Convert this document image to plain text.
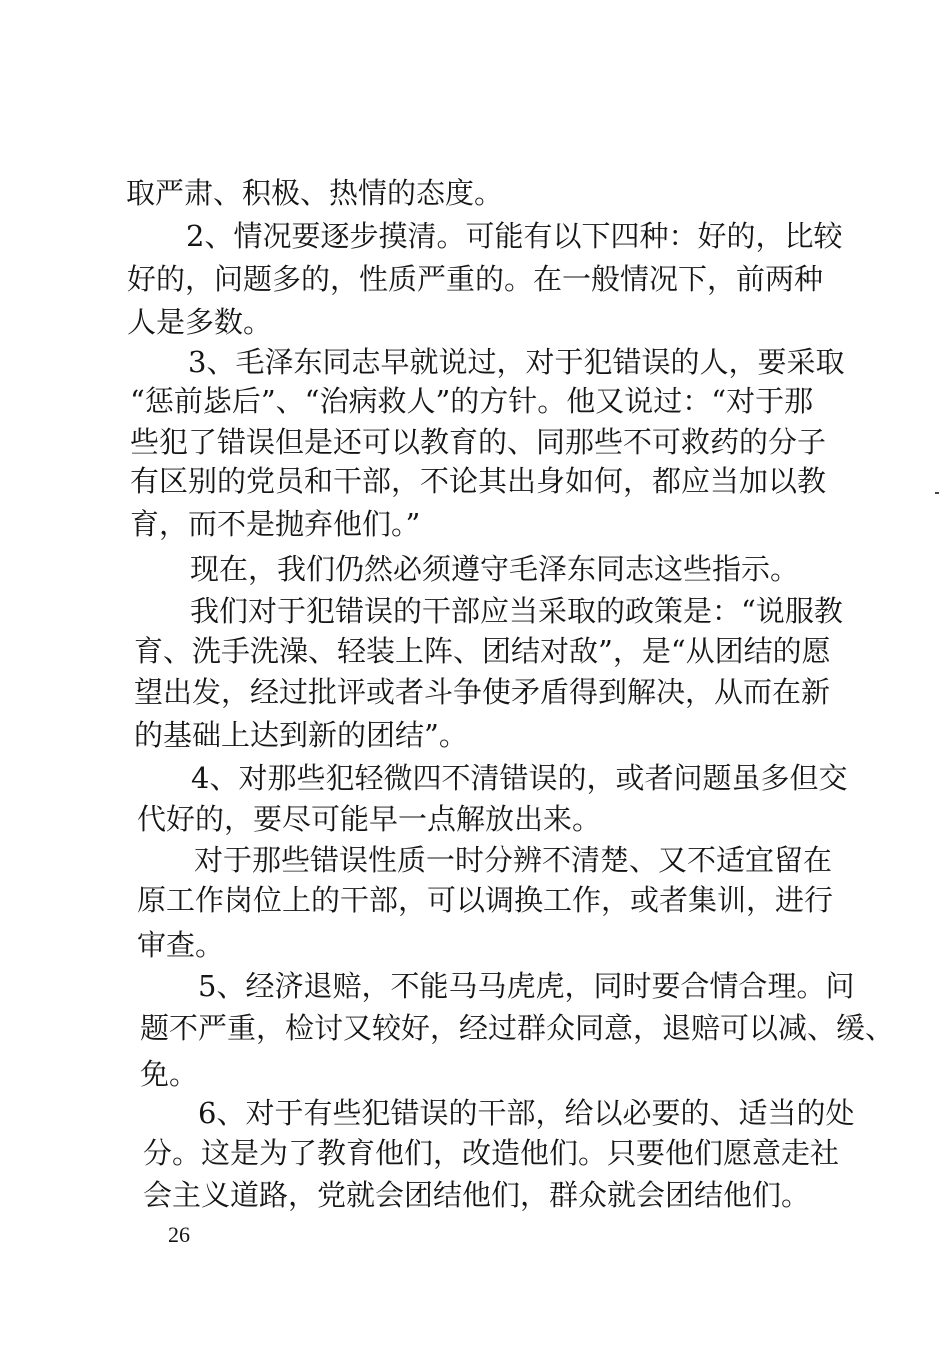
取严肃、积极、热情的态度。

2、情况要逐步摸清。可能有以下四种：好的，比较

好的，问题多的，性质严重的。在一般情况下，前两种

人是多数。

3、毛泽东同志早就说过，对于犯错误的人，要采取

“惩前毖后”、“治病救人”的方针。他又说过：“对于那

些犯了错误但是还可以教育的、同那些不可救药的分子

有区别的党员和干部，不论其出身如何，都应当加以教

育，而不是抛弃他们。”

现在，我们仍然必须遵守毛泽东同志这些指示。

我们对于犯错误的干部应当采取的政策是：“说服教

育、洗手洗澡、轻装上阵、团结对敌”，是“从团结的愿

望出发，经过批评或者斗争使矛盾得到解决，从而在新

的基础上达到新的团结”。

4、对那些犯轻微四不清错误的，或者问题虽多但交

代好的，要尽可能早一点解放出来。

对于那些错误性质一时分辨不清楚、又不适宜留在

原工作岗位上的干部，可以调换工作，或者集训，进行

审查。

5、经济退赔，不能马马虎虎，同时要合情合理。问

题不严重，检讨又较好，经过群众同意，退赔可以减、缓、

免。

6、对于有些犯错误的干部，给以必要的、适当的处

分。这是为了教育他们，改造他们。只要他们愿意走社

会主义道路，党就会团结他们，群众就会团结他们。

26
